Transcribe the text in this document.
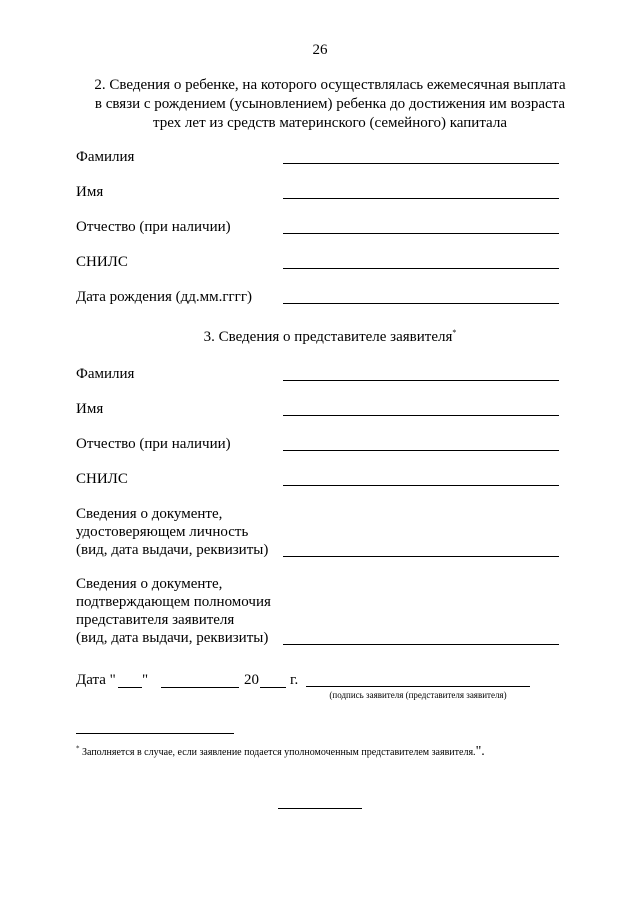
26
2. Сведения о ребенке, на которого осуществлялась ежемесячная выплата
в связи с рождением (усыновлением) ребенка до достижения им возраста
трех лет из средств материнского (семейного) капитала
Фамилия
Имя
Отчество (при наличии)
СНИЛС
Дата рождения (дд.мм.гггг)
3. Сведения о представителе заявителя*
Фамилия
Имя
Отчество (при наличии)
СНИЛС
Сведения о документе,
удостоверяющем личность
(вид, дата выдачи, реквизиты)
Сведения о документе,
подтверждающем полномочия
представителя заявителя
(вид, дата выдачи, реквизиты)
Дата " "	20 г.
(подпись заявителя (представителя заявителя)
* Заполняется в случае, если заявление подается уполномоченным представителем заявителя.".
